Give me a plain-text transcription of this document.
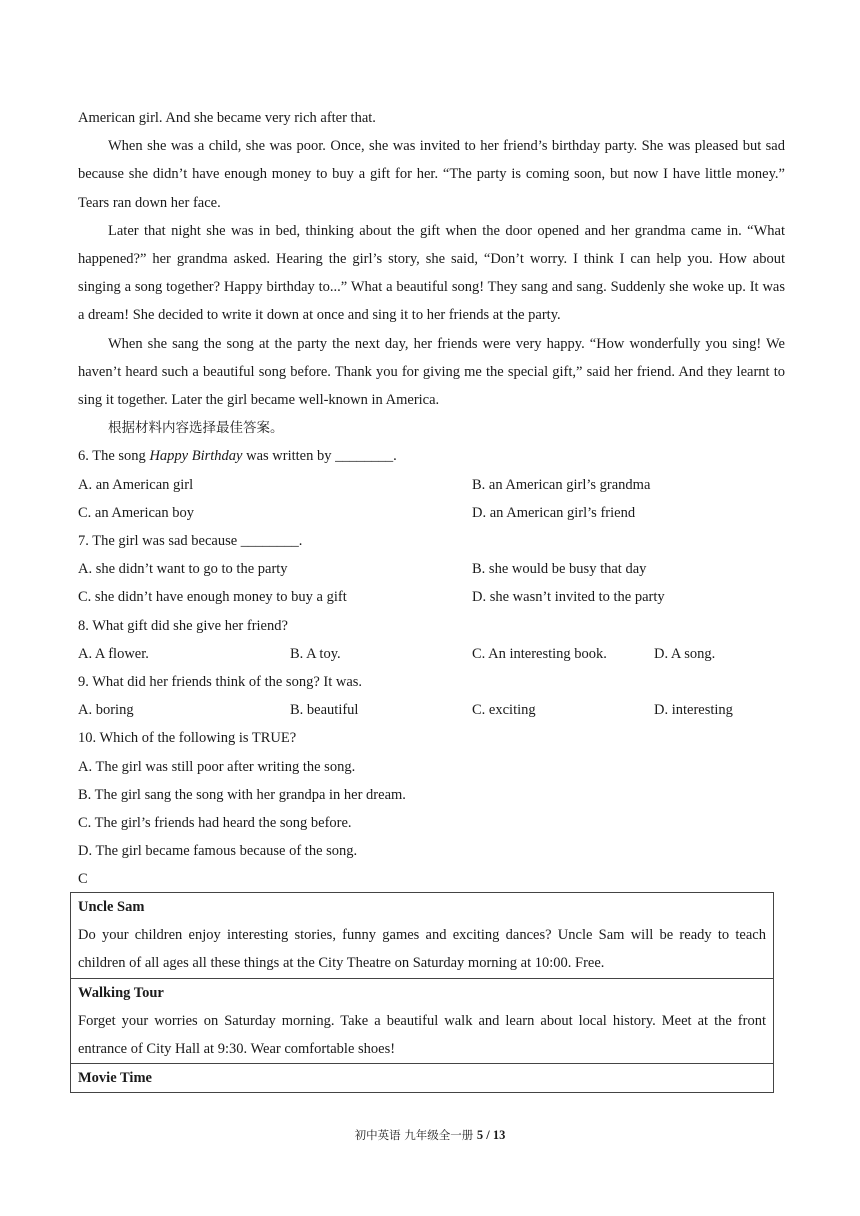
American girl. And she became very rich after that.

When she was a child, she was poor. Once, she was invited to her friend’s birthday party. She was pleased but sad because she didn’t have enough money to buy a gift for her. “The party is coming soon, but now I have little money.” Tears ran down her face.

Later that night she was in bed, thinking about the gift when the door opened and her grandma came in. “What happened?” her grandma asked. Hearing the girl’s story, she said, “Don’t worry. I think I can help you. How about singing a song together? Happy birthday to...” What a beautiful song! They sang and sang. Suddenly she woke up. It was a dream! She decided to write it down at once and sing it to her friends at the party.

When she sang the song at the party the next day, her friends were very happy. “How wonderfully you sing! We haven’t heard such a beautiful song before. Thank you for giving me the special gift,” said her friend. And they learnt to sing it together. Later the girl became well-known in America.

根据材料内容选择最佳答案。
6. The song Happy Birthday was written by ________.
A. an American girl	B. an American girl’s grandma
C. an American boy	D. an American girl’s friend
7. The girl was sad because ________.
A. she didn’t want to go to the party	B. she would be busy that day
C. she didn’t have enough money to buy a gift	D. she wasn’t invited to the party
8. What gift did she give her friend?
A. A flower.	B. A toy.	C. An interesting book.	D. A song.
9. What did her friends think of the song? It was.
A. boring	B. beautiful	C. exciting	D. interesting
10. Which of the following is TRUE?
A. The girl was still poor after writing the song.
B. The girl sang the song with her grandpa in her dream.
C. The girl’s friends had heard the song before.
D. The girl became famous because of the song.
C
Uncle Sam
Do your children enjoy interesting stories, funny games and exciting dances? Uncle Sam will be ready to teach children of all ages all these things at the City Theatre on Saturday morning at 10:00. Free.

Walking Tour
Forget your worries on Saturday morning. Take a beautiful walk and learn about local history. Meet at the front entrance of City Hall at 9:30. Wear comfortable shoes!

Movie Time
初中英语 九年级全一册 5 / 13
